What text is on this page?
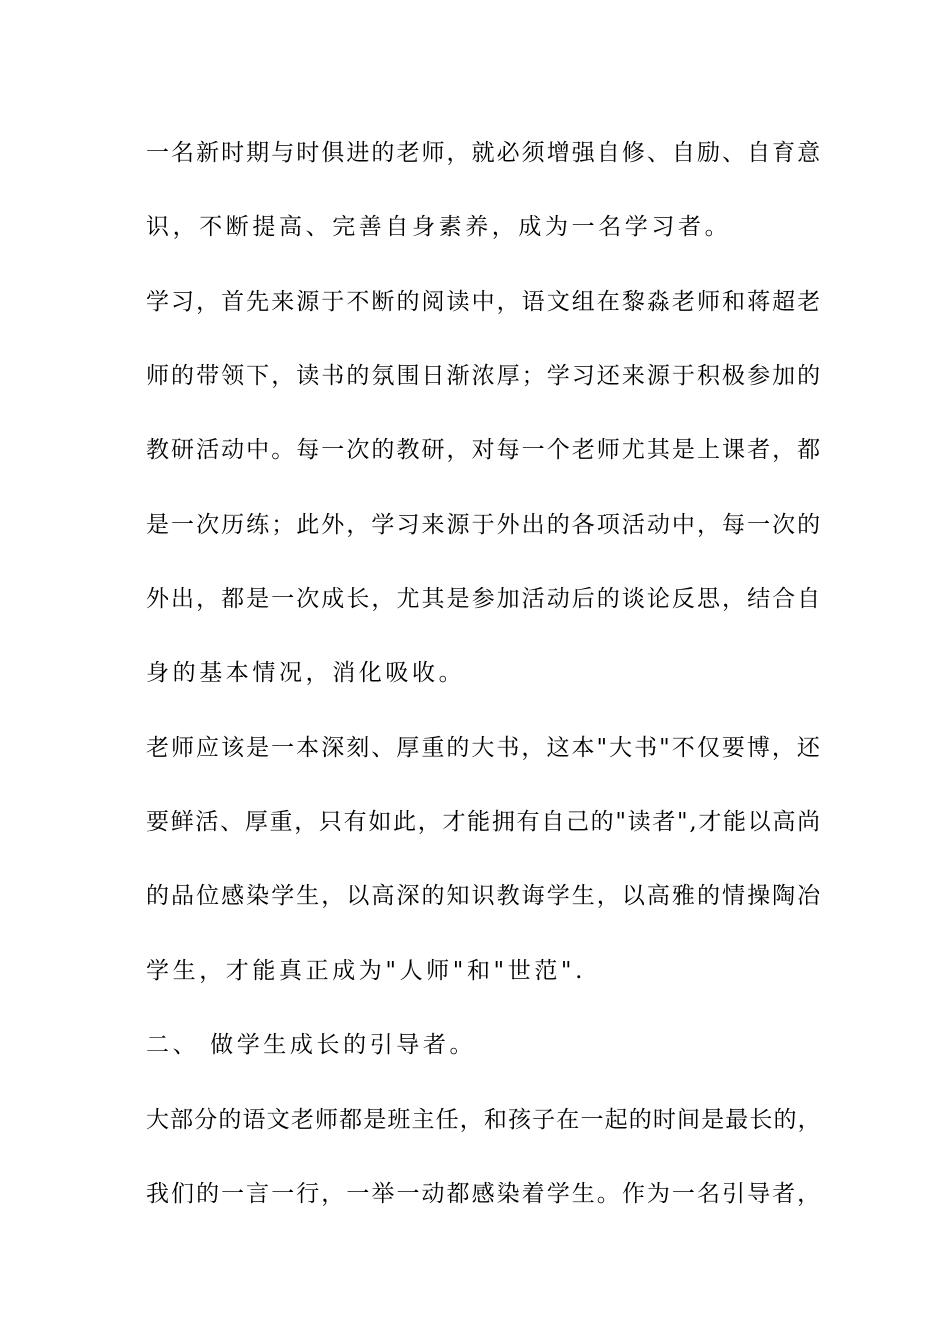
一名新时期与时俱进的老师，就必须增强自修、自励、自育意
识，不断提高、完善自身素养，成为一名学习者。
学习，首先来源于不断的阅读中，语文组在黎淼老师和蒋超老
师的带领下，读书的氛围日渐浓厚；学习还来源于积极参加的
教研活动中。每一次的教研，对每一个老师尤其是上课者，都
是一次历练；此外，学习来源于外出的各项活动中，每一次的
外出，都是一次成长，尤其是参加活动后的谈论反思，结合自
身的基本情况，消化吸收。
老师应该是一本深刻、厚重的大书，这本"大书"不仅要博，还
要鲜活、厚重，只有如此，才能拥有自己的"读者",才能以高尚
的品位感染学生，以高深的知识教诲学生，以高雅的情操陶冶
学生，才能真正成为"人师"和"世范".
二、 做学生成长的引导者。
大部分的语文老师都是班主任，和孩子在一起的时间是最长的，
我们的一言一行，一举一动都感染着学生。作为一名引导者，
